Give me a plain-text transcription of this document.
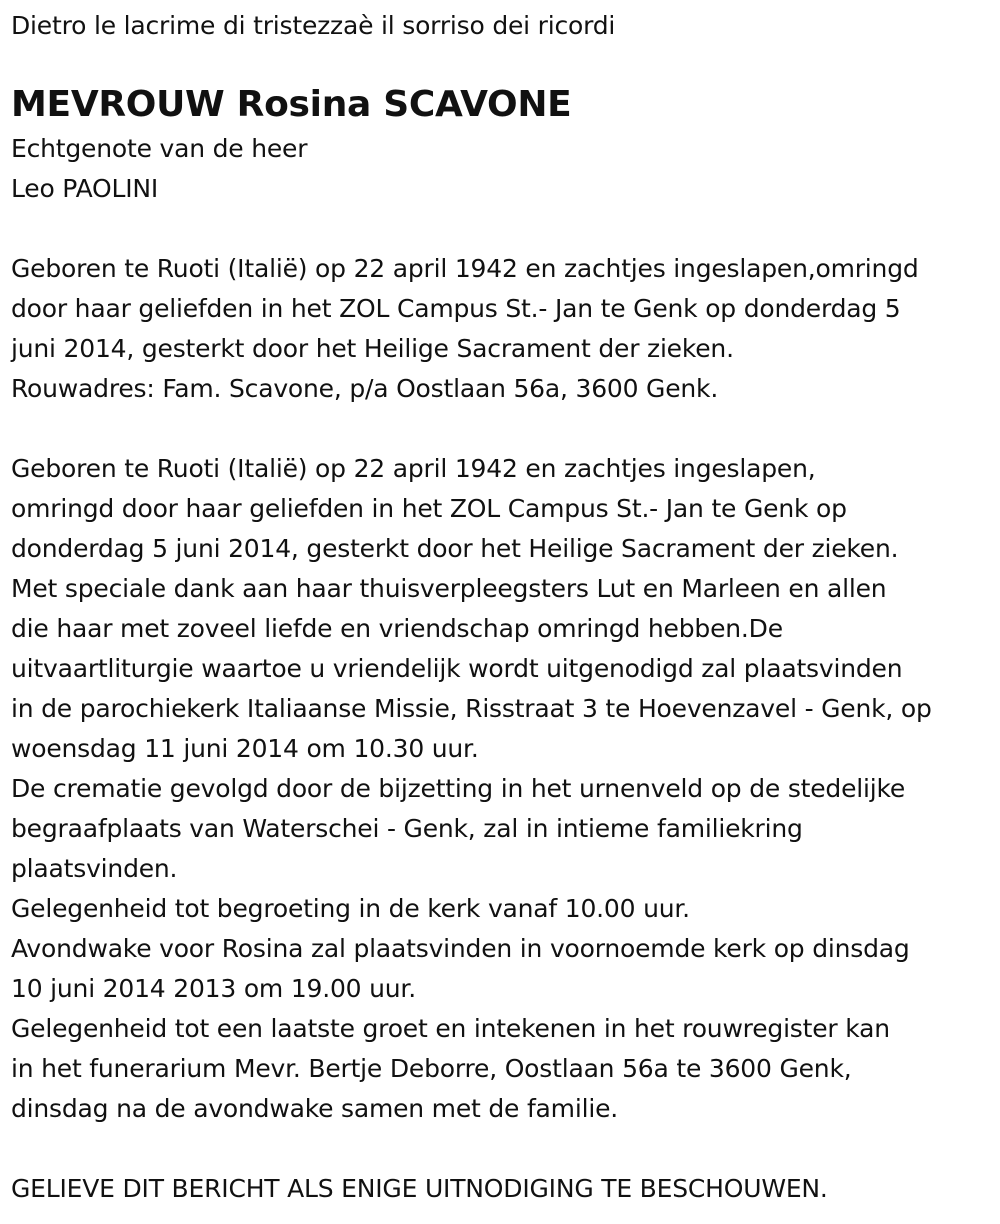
Dietro le lacrime di tristezzaè il sorriso dei ricordi
MEVROUW Rosina SCAVONE
Echtgenote van de heer
Leo PAOLINI
Geboren te Ruoti (Italië) op 22 april 1942 en zachtjes ingeslapen,omringd
door haar geliefden in het ZOL Campus St.- Jan te Genk op donderdag 5
juni 2014, gesterkt door het Heilige Sacrament der zieken.
Rouwadres: Fam. Scavone, p/a Oostlaan 56a, 3600 Genk.
Geboren te Ruoti (Italië) op 22 april 1942 en zachtjes ingeslapen,
omringd door haar geliefden in het ZOL Campus St.- Jan te Genk op
donderdag 5 juni 2014, gesterkt door het Heilige Sacrament der zieken.
Met speciale dank aan haar thuisverpleegsters Lut en Marleen en allen
die haar met zoveel liefde en vriendschap omringd hebben.De
uitvaartliturgie waartoe u vriendelijk wordt uitgenodigd zal plaatsvinden
in de parochiekerk Italiaanse Missie, Risstraat 3 te Hoevenzavel - Genk, op
woensdag 11 juni 2014 om 10.30 uur.
De crematie gevolgd door de bijzetting in het urnenveld op de stedelijke
begraafplaats van Waterschei - Genk, zal in intieme familiekring
plaatsvinden.
Gelegenheid tot begroeting in de kerk vanaf 10.00 uur.
Avondwake voor Rosina zal plaatsvinden in voornoemde kerk op dinsdag
10 juni 2014 2013 om 19.00 uur.
Gelegenheid tot een laatste groet en intekenen in het rouwregister kan
in het funerarium Mevr. Bertje Deborre, Oostlaan 56a te 3600 Genk,
dinsdag na de avondwake samen met de familie.
GELIEVE DIT BERICHT ALS ENIGE UITNODIGING TE BESCHOUWEN.
